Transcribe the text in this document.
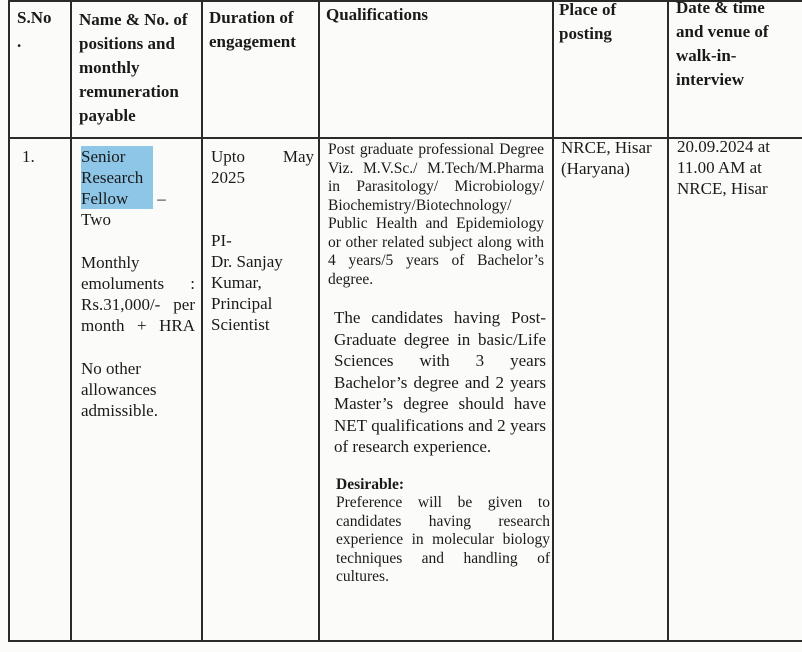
S.No
.
Name & No. of positions and monthly remuneration payable
Duration of engagement
Qualifications	Place of posting
Date & time and venue of walk-in-interview
1.	Senior Research Fellow – Two

Monthly emoluments : Rs.31,000/- per month + HRA

No other allowances admissible.

Upto May

2025

PI-

Dr. Sanjay Kumar, Principal Scientist

Post graduate professional Degree Viz. M.V.Sc./ M.Tech/M.Pharma in Parasitology/ Microbiology/ Biochemistry/Biotechnology/ Public Health and Epidemiology or other related subject along with 4 years/5 years of Bachelor’s degree.

The candidates having Post-Graduate degree in basic/Life Sciences with 3 years Bachelor’s degree and 2 years Master’s degree should have NET qualifications and 2 years of research experience.

Desirable:

Preference will be given to candidates having research experience in molecular biology techniques and handling of cultures.

NRCE, Hisar (Haryana)

20.09.2024 at

11.00 AM at

NRCE, Hisar
